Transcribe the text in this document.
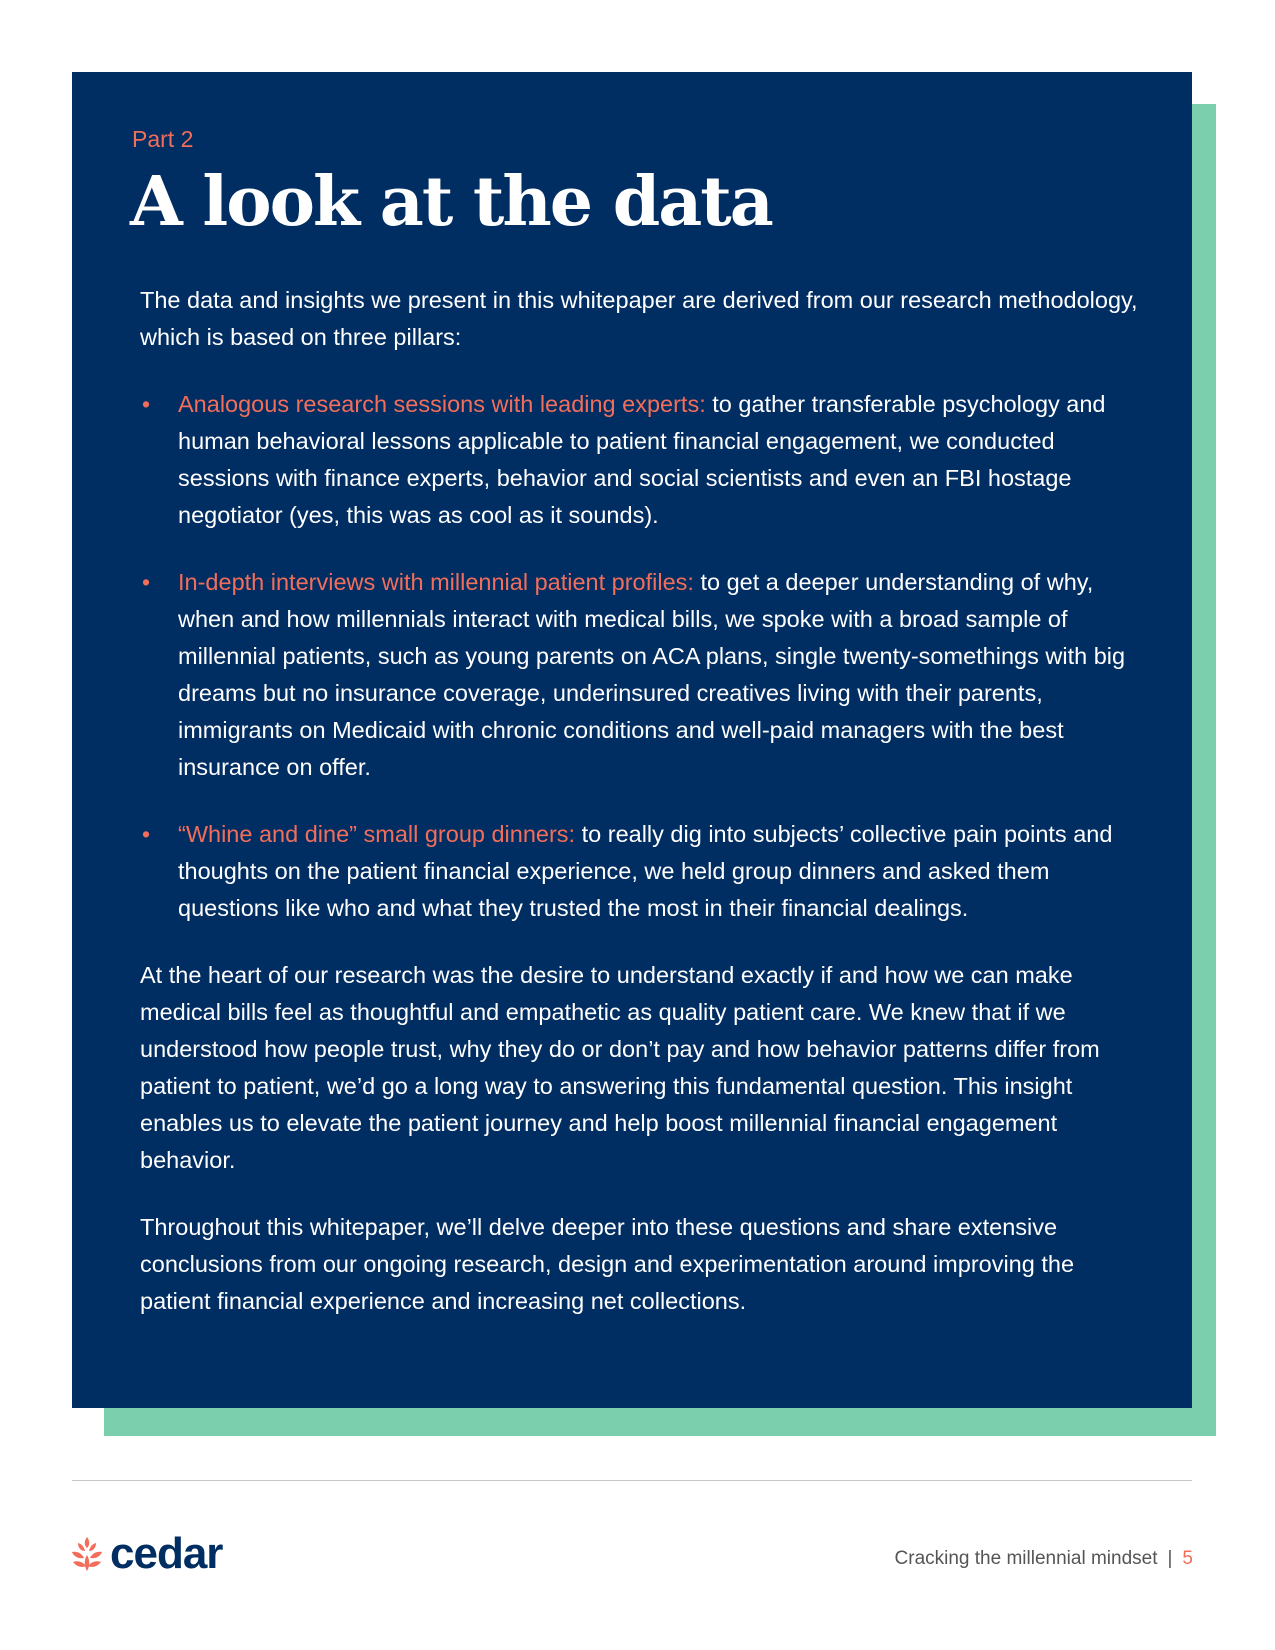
Part 2
A look at the data

The data and insights we present in this whitepaper are derived from our research methodology, which is based on three pillars:

• Analogous research sessions with leading experts: to gather transferable psychology and human behavioral lessons applicable to patient financial engagement, we conducted sessions with finance experts, behavior and social scientists and even an FBI hostage negotiator (yes, this was as cool as it sounds).
• In-depth interviews with millennial patient profiles: to get a deeper understanding of why, when and how millennials interact with medical bills, we spoke with a broad sample of millennial patients, such as young parents on ACA plans, single twenty-somethings with big dreams but no insurance coverage, underinsured creatives living with their parents, immigrants on Medicaid with chronic conditions and well-paid managers with the best insurance on offer.
• “Whine and dine” small group dinners: to really dig into subjects’ collective pain points and thoughts on the patient financial experience, we held group dinners and asked them questions like who and what they trusted the most in their financial dealings.

At the heart of our research was the desire to understand exactly if and how we can make medical bills feel as thoughtful and empathetic as quality patient care. We knew that if we understood how people trust, why they do or don’t pay and how behavior patterns differ from patient to patient, we’d go a long way to answering this fundamental question. This insight enables us to elevate the patient journey and help boost millennial financial engagement behavior.

Throughout this whitepaper, we’ll delve deeper into these questions and share extensive conclusions from our ongoing research, design and experimentation around improving the patient financial experience and increasing net collections.

cedar	Cracking the millennial mindset | 5
